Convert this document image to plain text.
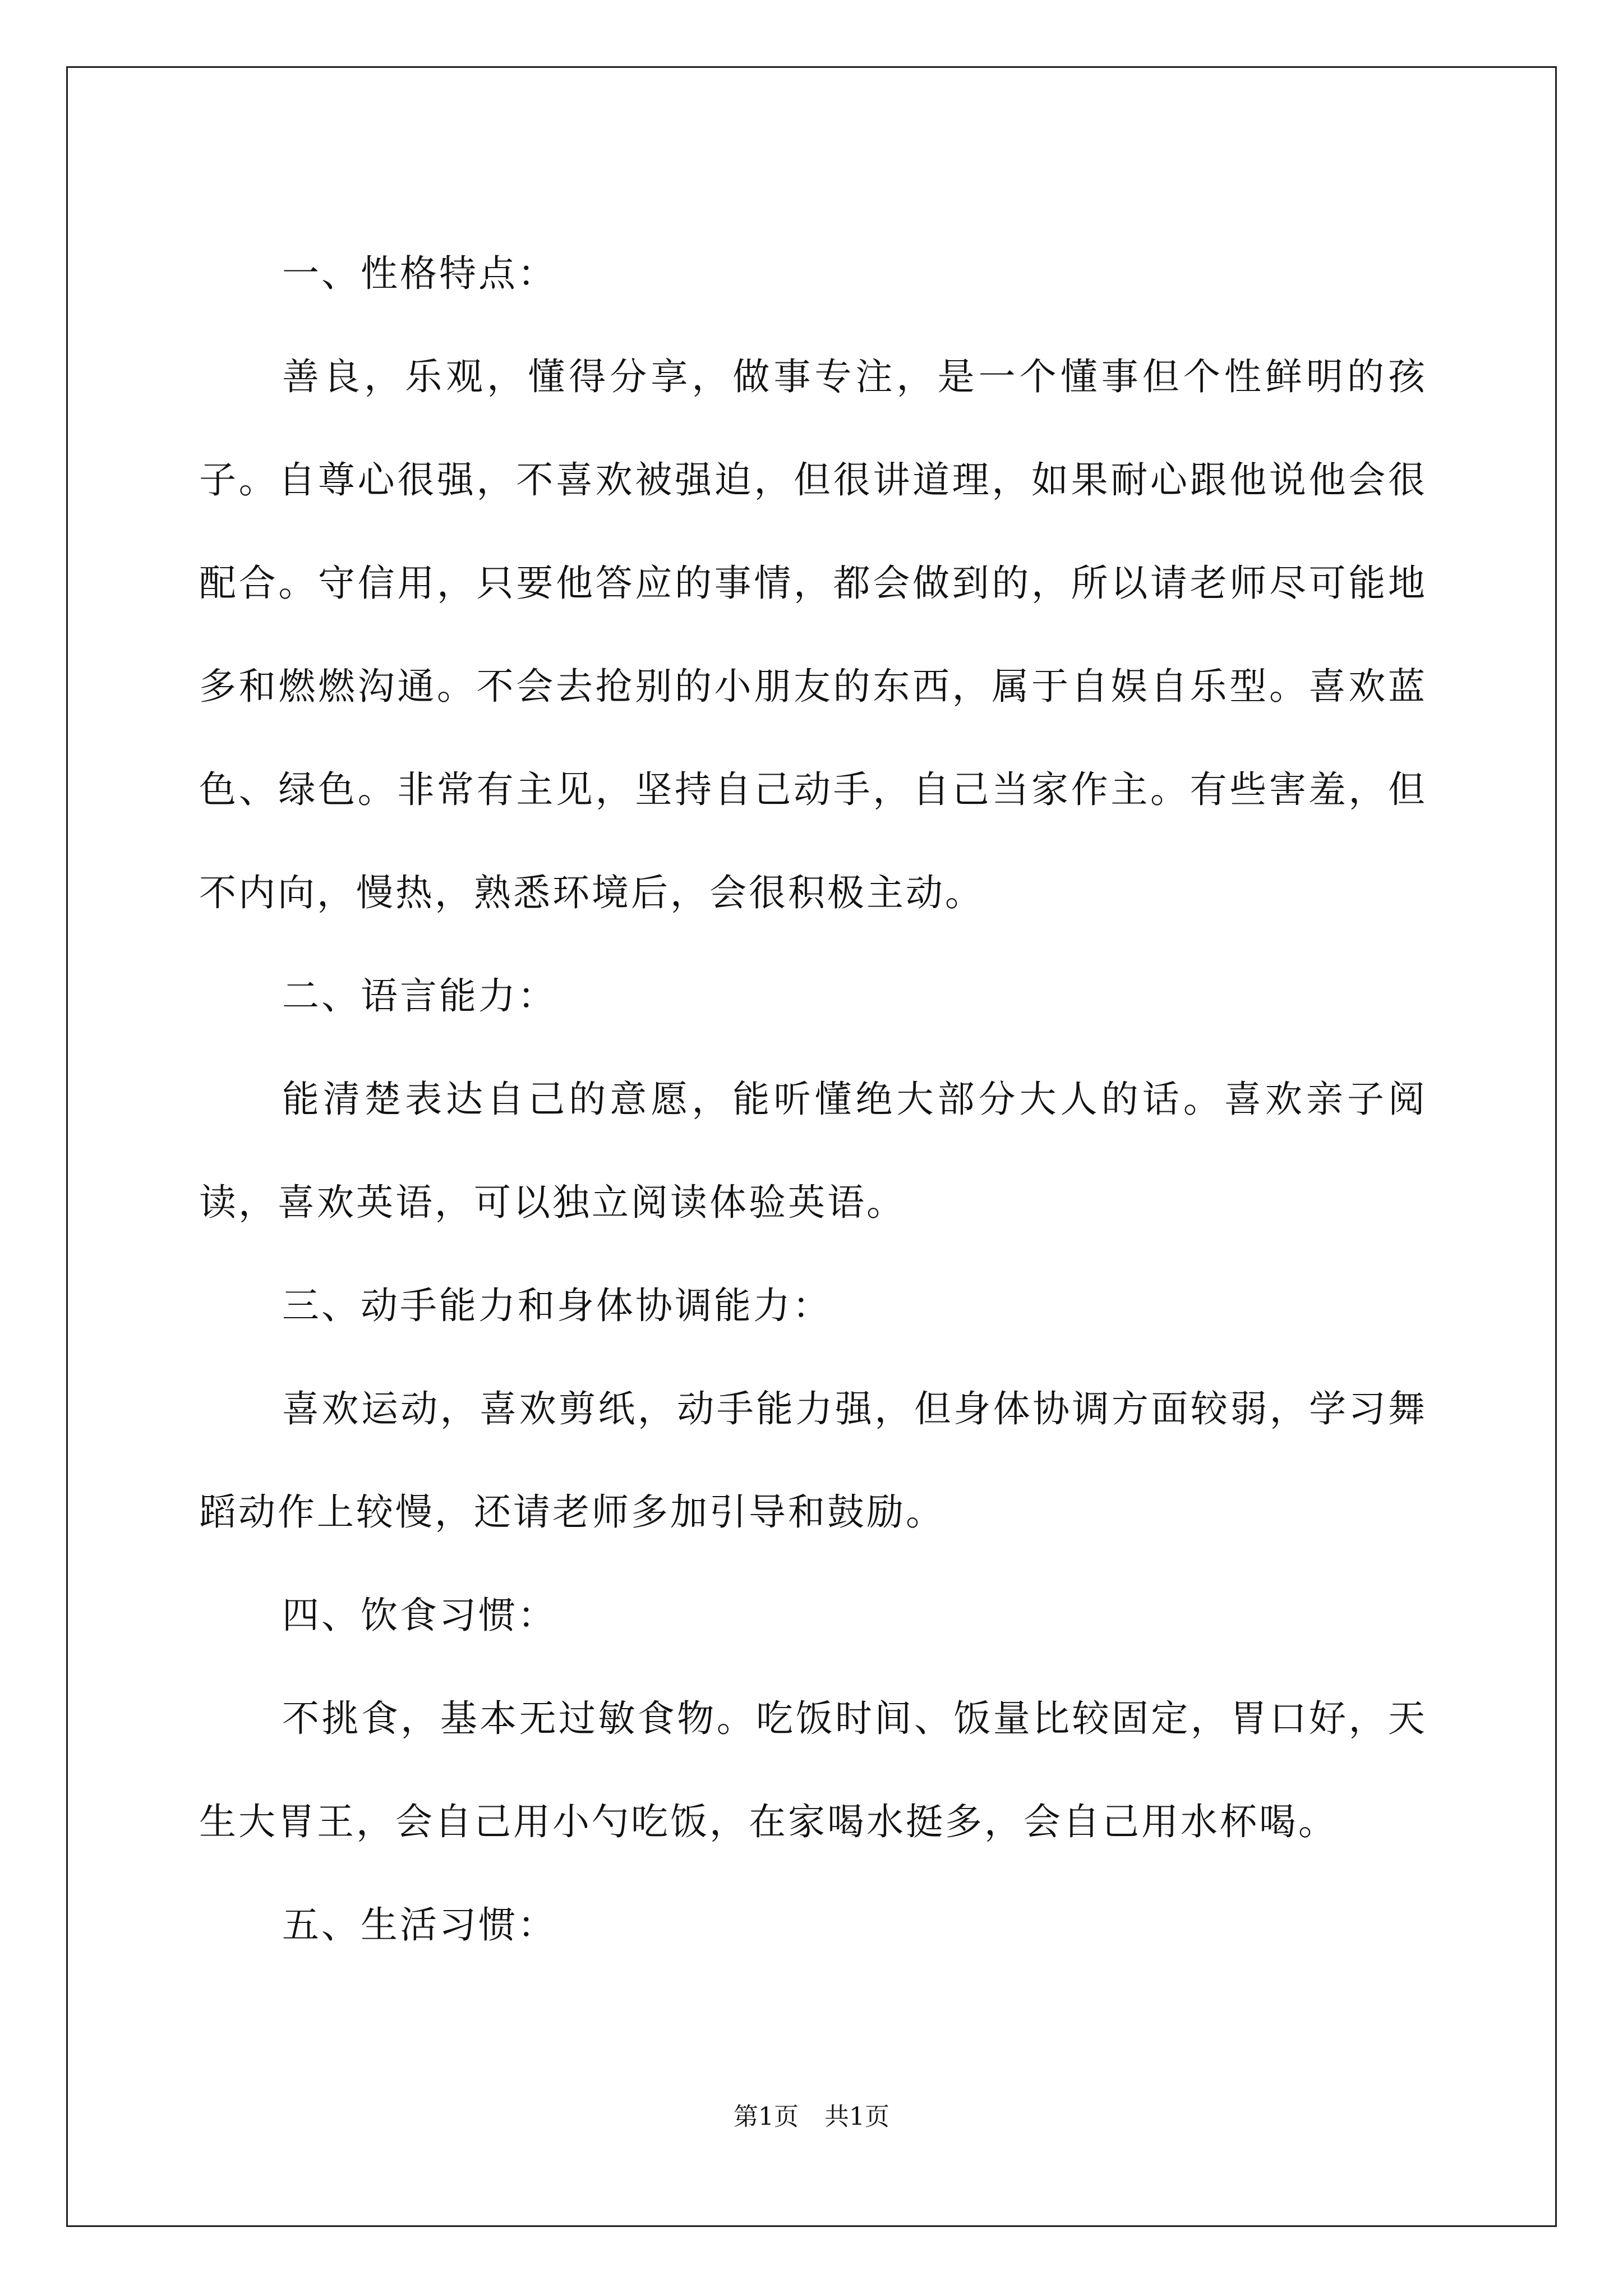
一、性格特点：

善良，乐观，懂得分享，做事专注，是一个懂事但个性鲜明的孩子。自尊心很强，不喜欢被强迫，但很讲道理，如果耐心跟他说他会很配合。守信用，只要他答应的事情，都会做到的，所以请老师尽可能地多和燃燃沟通。不会去抢别的小朋友的东西，属于自娱自乐型。喜欢蓝色、绿色。非常有主见，坚持自己动手，自己当家作主。有些害羞，但不内向，慢热，熟悉环境后，会很积极主动。

二、语言能力：

能清楚表达自己的意愿，能听懂绝大部分大人的话。喜欢亲子阅读，喜欢英语，可以独立阅读体验英语。

三、动手能力和身体协调能力：

喜欢运动，喜欢剪纸，动手能力强，但身体协调方面较弱，学习舞蹈动作上较慢，还请老师多加引导和鼓励。

四、饮食习惯：

不挑食，基本无过敏食物。吃饭时间、饭量比较固定，胃口好，天生大胃王，会自己用小勺吃饭，在家喝水挺多，会自己用水杯喝。

五、生活习惯：

第1页 共1页
